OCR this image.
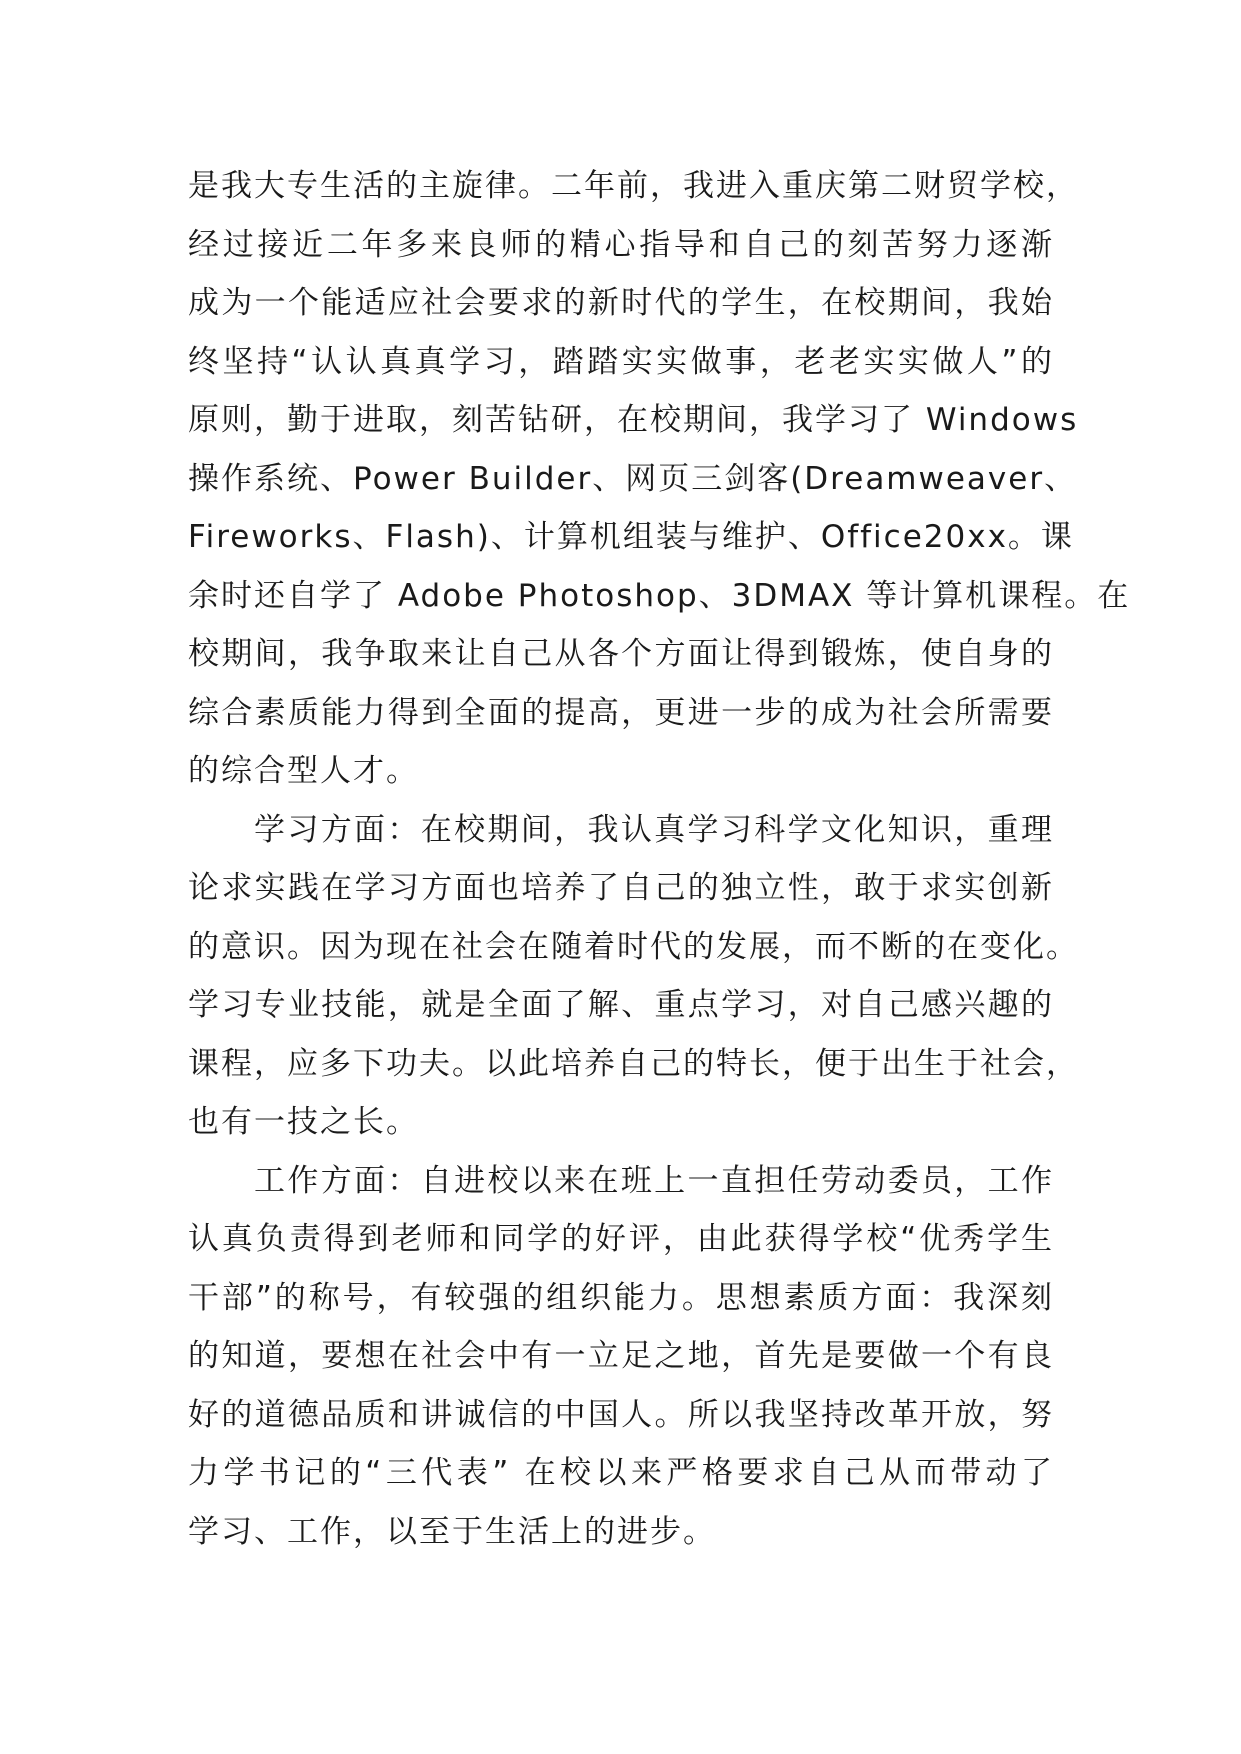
是我大专生活的主旋律。二年前，我进入重庆第二财贸学校，
经过接近二年多来良师的精心指导和自己的刻苦努力逐渐
成为一个能适应社会要求的新时代的学生，在校期间，我始
终坚持“认认真真学习，踏踏实实做事，老老实实做人”的
原则，勤于进取，刻苦钻研，在校期间，我学习了 Windows
操作系统、Power Builder、网页三剑客(Dreamweaver、
Fireworks、Flash)、计算机组装与维护、Office20xx。课
余时还自学了 Adobe Photoshop、3DMAX 等计算机课程。在
校期间，我争取来让自己从各个方面让得到锻炼，使自身的
综合素质能力得到全面的提高，更进一步的成为社会所需要
的综合型人才。
学习方面：在校期间，我认真学习科学文化知识，重理
论求实践在学习方面也培养了自己的独立性，敢于求实创新
的意识。因为现在社会在随着时代的发展，而不断的在变化。
学习专业技能，就是全面了解、重点学习，对自己感兴趣的
课程，应多下功夫。以此培养自己的特长，便于出生于社会，
也有一技之长。
工作方面：自进校以来在班上一直担任劳动委员，工作
认真负责得到老师和同学的好评，由此获得学校“优秀学生
干部”的称号，有较强的组织能力。思想素质方面：我深刻
的知道，要想在社会中有一立足之地，首先是要做一个有良
好的道德品质和讲诚信的中国人。所以我坚持改革开放，努
力学书记的“三代表” 在校以来严格要求自己从而带动了
学习、工作，以至于生活上的进步。
